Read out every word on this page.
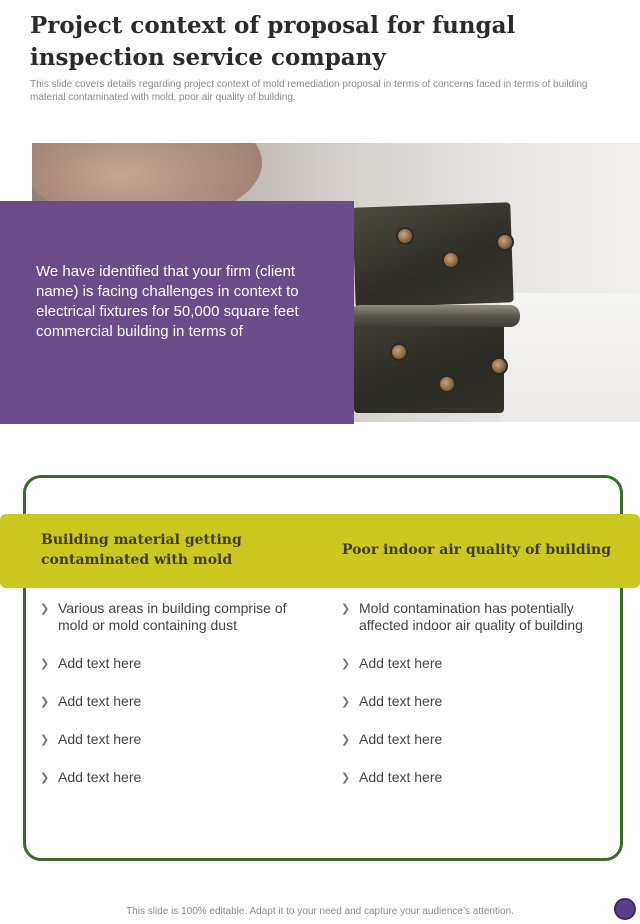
Project context of proposal for fungal inspection service company
This slide covers details regarding project context of mold remediation proposal in terms of concerns faced in terms of building material contaminated with mold, poor air quality of building.
We have identified that your firm (client name) is facing challenges in context to electrical fixtures for 50,000 square feet commercial building in terms of
Building material getting contaminated with mold
Poor indoor air quality of building
❯ Various areas in building comprise of mold or mold containing dust
❯ Add text here
❯ Add text here
❯ Add text here
❯ Add text here
❯ Mold contamination has potentially affected indoor air quality of building
❯ Add text here
❯ Add text here
❯ Add text here
❯ Add text here
This slide is 100% editable. Adapt it to your need and capture your audience’s attention.
